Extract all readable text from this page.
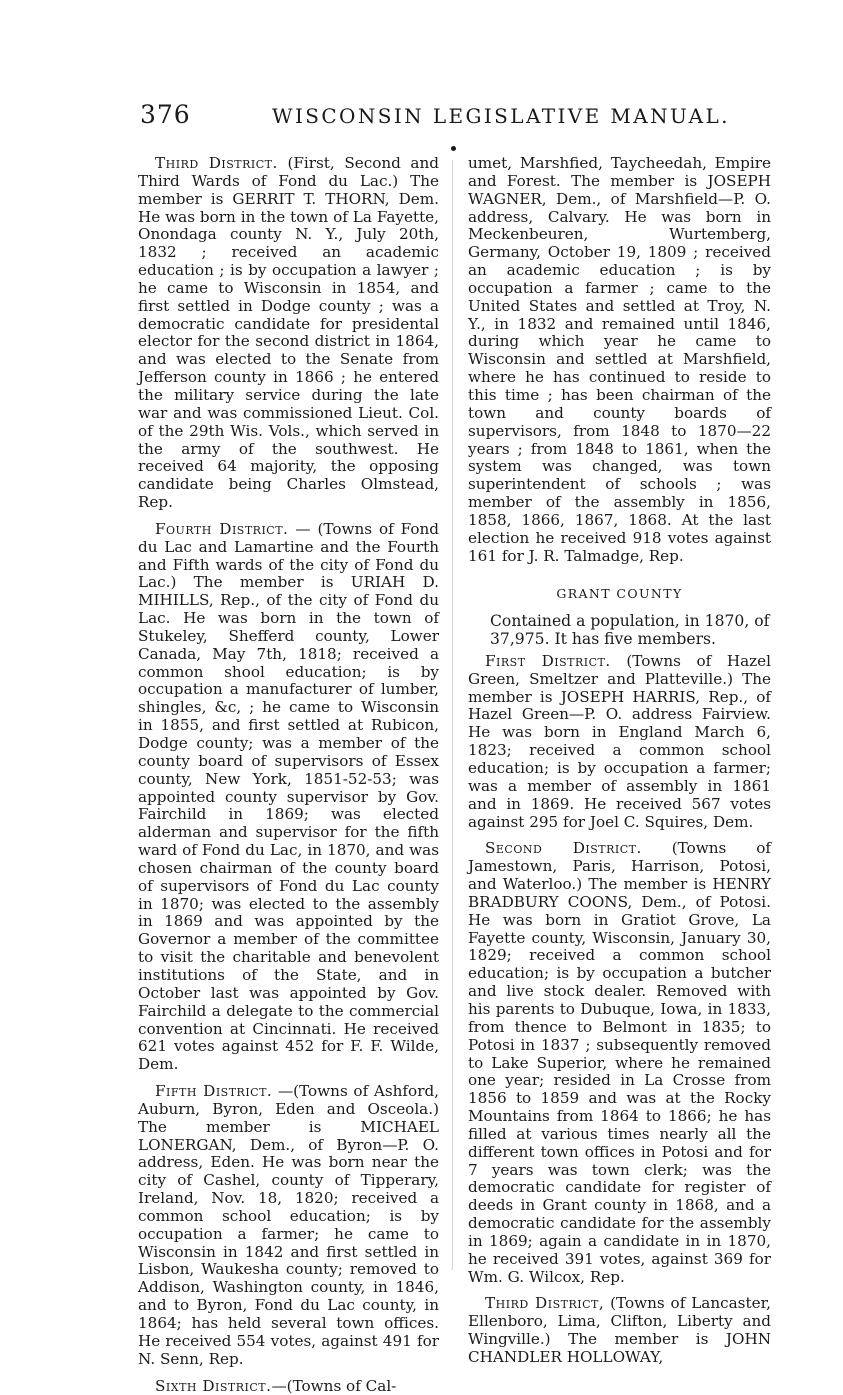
376	WISCONSIN LEGISLATIVE MANUAL.

Third District. (First, Second and Third Wards of Fond du Lac.) The member is GERRIT T. THORN, Dem. He was born in the town of La Fayette, Onondaga county N. Y., July 20th, 1832 ; received an academic education ; is by occupation a lawyer ; he came to Wisconsin in 1854, and first settled in Dodge county ; was a democratic candidate for presidental elector for the second district in 1864, and was elected to the Senate from Jefferson county in 1866 ; he entered the military service during the late war and was commissioned Lieut. Col. of the 29th Wis. Vols., which served in the army of the southwest. He received 64 majority, the opposing candidate being Charles Olmstead, Rep.

Fourth District. — (Towns of Fond du Lac and Lamartine and the Fourth and Fifth wards of the city of Fond du Lac.) The member is URIAH D. MIHILLS, Rep., of the city of Fond du Lac. He was born in the town of Stukeley, Shefferd county, Lower Canada, May 7th, 1818; received a common shool education; is by occupation a manufacturer of lumber, shingles, &c, ; he came to Wisconsin in 1855, and first settled at Rubicon, Dodge county; was a member of the county board of supervisors of Essex county, New York, 1851-52-53; was appointed county supervisor by Gov. Fairchild in 1869; was elected alderman and supervisor for the fifth ward of Fond du Lac, in 1870, and was chosen chairman of the county board of supervisors of Fond du Lac county in 1870; was elected to the assembly in 1869 and was appointed by the Governor a member of the committee to visit the charitable and benevolent institutions of the State, and in October last was appointed by Gov. Fairchild a delegate to the commercial convention at Cincinnati. He received 621 votes against 452 for F. F. Wilde, Dem.

Fifth District. —(Towns of Ashford, Auburn, Byron, Eden and Osceola.) The member is MICHAEL LONERGAN, Dem., of Byron—P. O. address, Eden. He was born near the city of Cashel, county of Tipperary, Ireland, Nov. 18, 1820; received a common school education; is by occupation a farmer; he came to Wisconsin in 1842 and first settled in Lisbon, Waukesha county; removed to Addison, Washington county, in 1846, and to Byron, Fond du Lac county, in 1864; has held several town offices. He received 554 votes, against 491 for N. Senn, Rep.

Sixth District.—(Towns of Cal-

umet, Marshfied, Taycheedah, Empire and Forest. The member is JOSEPH WAGNER, Dem., of Marshfield—P. O. address, Calvary. He was born in Meckenbeuren, Wurtemberg, Germany, October 19, 1809 ; received an academic education ; is by occupation a farmer ; came to the United States and settled at Troy, N. Y., in 1832 and remained until 1846, during which year he came to Wisconsin and settled at Marshfield, where he has continued to reside to this time ; has been chairman of the town and county boards of supervisors, from 1848 to 1870—22 years ; from 1848 to 1861, when the system was changed, was town superintendent of schools ; was member of the assembly in 1856, 1858, 1866, 1867, 1868. At the last election he received 918 votes against 161 for J. R. Talmadge, Rep.

GRANT COUNTY

Contained a population, in 1870, of 37,975. It has five members.

First District. (Towns of Hazel Green, Smeltzer and Platteville.) The member is JOSEPH HARRIS, Rep., of Hazel Green—P. O. address Fairview. He was born in England March 6, 1823; received a common school education; is by occupation a farmer; was a member of assembly in 1861 and in 1869. He received 567 votes against 295 for Joel C. Squires, Dem.

Second District. (Towns of Jamestown, Paris, Harrison, Potosi, and Waterloo.) The member is HENRY BRADBURY COONS, Dem., of Potosi. He was born in Gratiot Grove, La Fayette county, Wisconsin, January 30, 1829; received a common school education; is by occupation a butcher and live stock dealer. Removed with his parents to Dubuque, Iowa, in 1833, from thence to Belmont in 1835; to Potosi in 1837 ; subsequently removed to Lake Superior, where he remained one year; resided in La Crosse from 1856 to 1859 and was at the Rocky Mountains from 1864 to 1866; he has filled at various times nearly all the different town offices in Potosi and for 7 years was town clerk; was the democratic candidate for register of deeds in Grant county in 1868, and a democratic candidate for the assembly in 1869; again a candidate in in 1870, he received 391 votes, against 369 for Wm. G. Wilcox, Rep.

Third District, (Towns of Lancaster, Ellenboro, Lima, Clifton, Liberty and Wingville.) The member is JOHN CHANDLER HOLLOWAY,
